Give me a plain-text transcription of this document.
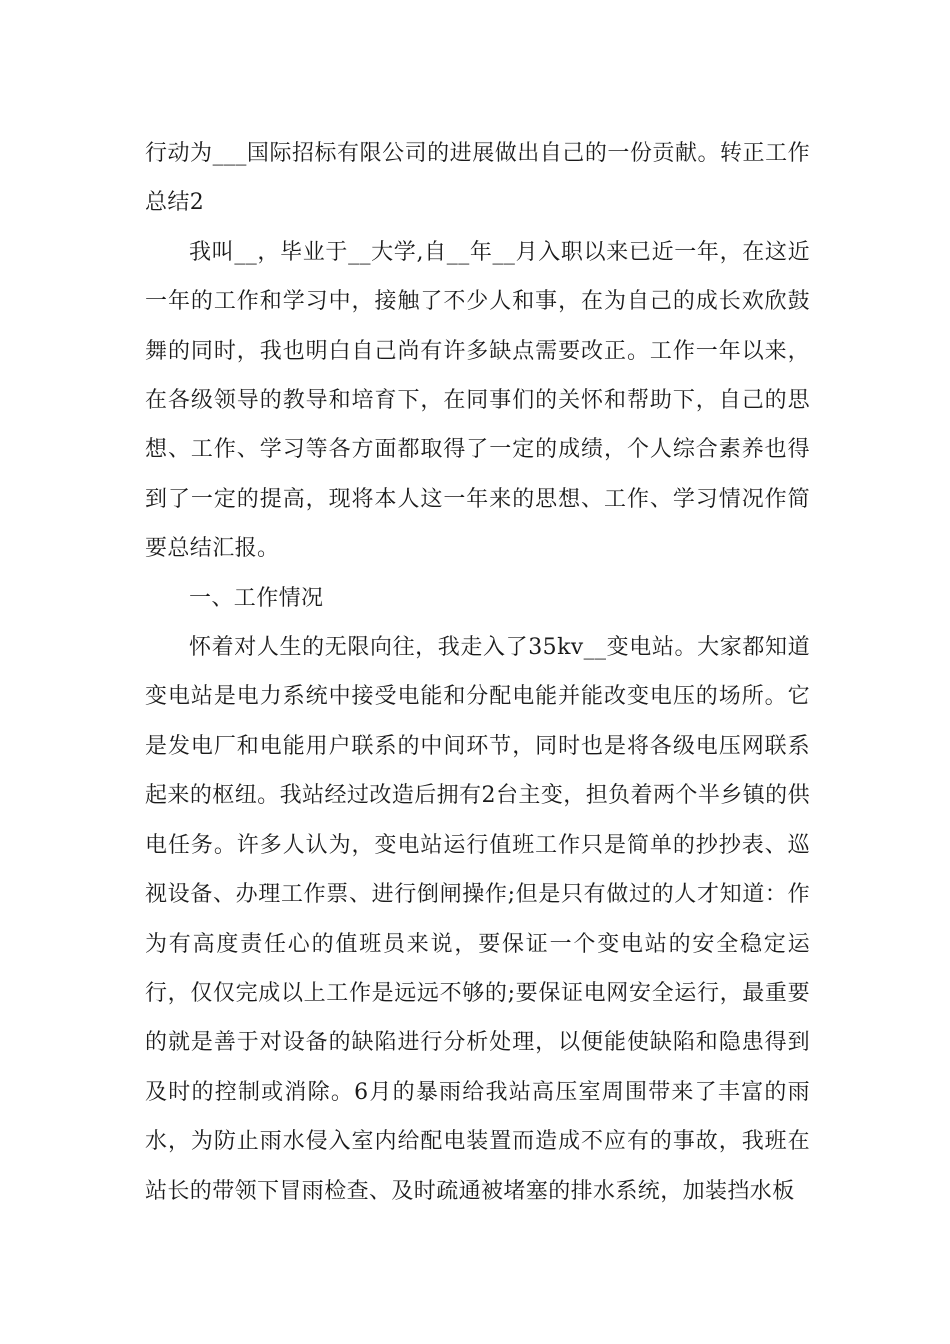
行动为___国际招标有限公司的进展做出自己的一份贡献。转正工作总结2

我叫__，毕业于__大学,自__年__月入职以来已近一年，在这近一年的工作和学习中，接触了不少人和事，在为自己的成长欢欣鼓舞的同时，我也明白自己尚有许多缺点需要改正。工作一年以来，在各级领导的教导和培育下，在同事们的关怀和帮助下，自己的思想、工作、学习等各方面都取得了一定的成绩，个人综合素养也得到了一定的提高，现将本人这一年来的思想、工作、学习情况作简要总结汇报。

一、工作情况

怀着对人生的无限向往，我走入了35kv__变电站。大家都知道变电站是电力系统中接受电能和分配电能并能改变电压的场所。它是发电厂和电能用户联系的中间环节，同时也是将各级电压网联系起来的枢纽。我站经过改造后拥有2台主变，担负着两个半乡镇的供电任务。许多人认为，变电站运行值班工作只是简单的抄抄表、巡视设备、办理工作票、进行倒闸操作;但是只有做过的人才知道：作为有高度责任心的值班员来说，要保证一个变电站的安全稳定运行，仅仅完成以上工作是远远不够的;要保证电网安全运行，最重要的就是善于对设备的缺陷进行分析处理，以便能使缺陷和隐患得到及时的控制或消除。6月的暴雨给我站高压室周围带来了丰富的雨水，为防止雨水侵入室内给配电装置而造成不应有的事故，我班在站长的带领下冒雨检查、及时疏通被堵塞的排水系统，加装挡水板
